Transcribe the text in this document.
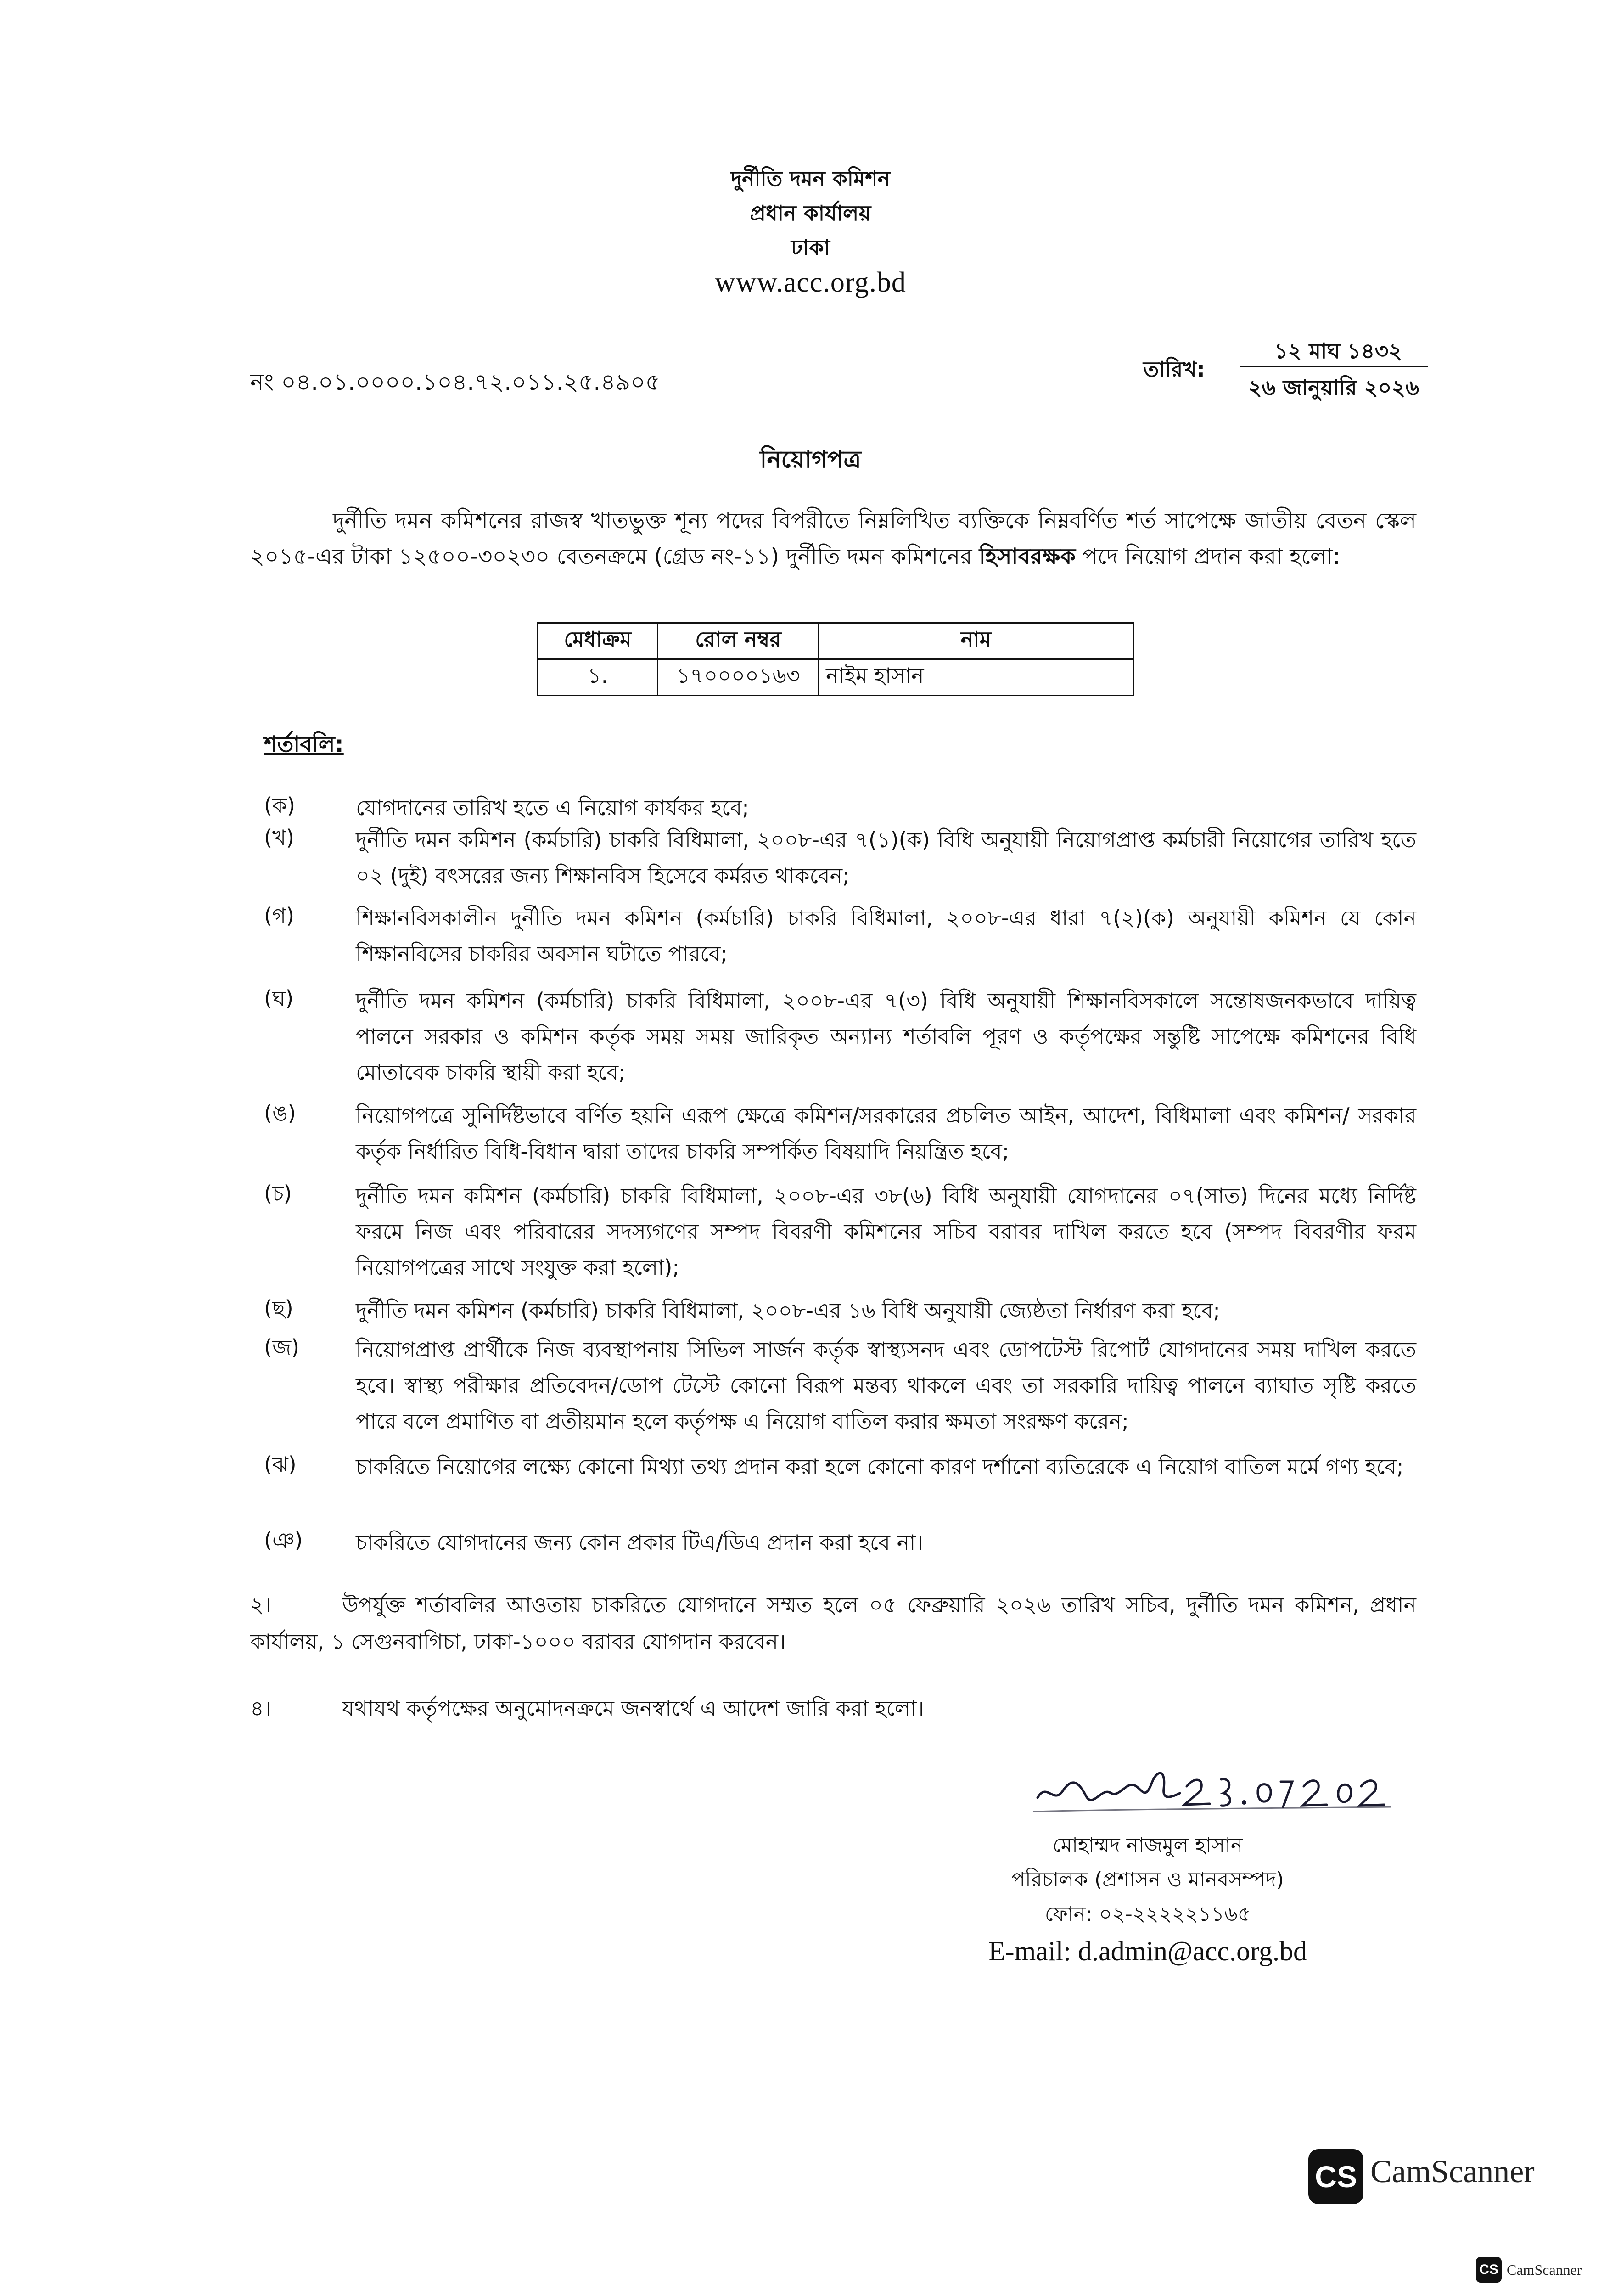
দুর্নীতি দমন কমিশন
প্রধান কার্যালয়
ঢাকা
www.acc.org.bd
নং ০৪.০১.০০০০.১০৪.৭২.০১১.২৫.৪৯০৫	তারিখ:
১২ মাঘ ১৪৩২
২৬ জানুয়ারি ২০২৬
নিয়োগপত্র
দুর্নীতি দমন কমিশনের রাজস্ব খাতভুক্ত শূন্য পদের বিপরীতে নিম্নলিখিত ব্যক্তিকে নিম্নবর্ণিত শর্ত সাপেক্ষে জাতীয় বেতন স্কেল ২০১৫-এর টাকা ১২৫০০-৩০২৩০ বেতনক্রমে (গ্রেড নং-১১) দুর্নীতি দমন কমিশনের হিসাবরক্ষক পদে নিয়োগ প্রদান করা হলো:
মেধাক্রম	রোল নম্বর	নাম
১.	১৭০০০০১৬৩	নাইম হাসান
শর্তাবলি:
(ক)	যোগদানের তারিখ হতে এ নিয়োগ কার্যকর হবে;
(খ)	দুর্নীতি দমন কমিশন (কর্মচারি) চাকরি বিধিমালা, ২০০৮-এর ৭(১)(ক) বিধি অনুযায়ী নিয়োগপ্রাপ্ত কর্মচারী নিয়োগের তারিখ হতে ০২ (দুই) বৎসরের জন্য শিক্ষানবিস হিসেবে কর্মরত থাকবেন;
(গ)	শিক্ষানবিসকালীন দুর্নীতি দমন কমিশন (কর্মচারি) চাকরি বিধিমালা, ২০০৮-এর ধারা ৭(২)(ক) অনুযায়ী কমিশন যে কোন শিক্ষানবিসের চাকরির অবসান ঘটাতে পারবে;
(ঘ)	দুর্নীতি দমন কমিশন (কর্মচারি) চাকরি বিধিমালা, ২০০৮-এর ৭(৩) বিধি অনুযায়ী শিক্ষানবিসকালে সন্তোষজনকভাবে দায়িত্ব পালনে সরকার ও কমিশন কর্তৃক সময় সময় জারিকৃত অন্যান্য শর্তাবলি পূরণ ও কর্তৃপক্ষের সন্তুষ্টি সাপেক্ষে কমিশনের বিধি মোতাবেক চাকরি স্থায়ী করা হবে;
(ঙ)	নিয়োগপত্রে সুনির্দিষ্টভাবে বর্ণিত হয়নি এরূপ ক্ষেত্রে কমিশন/সরকারের প্রচলিত আইন, আদেশ, বিধিমালা এবং কমিশন/ সরকার কর্তৃক নির্ধারিত বিধি-বিধান দ্বারা তাদের চাকরি সম্পর্কিত বিষয়াদি নিয়ন্ত্রিত হবে;
(চ)	দুর্নীতি দমন কমিশন (কর্মচারি) চাকরি বিধিমালা, ২০০৮-এর ৩৮(৬) বিধি অনুযায়ী যোগদানের ০৭(সাত) দিনের মধ্যে নির্দিষ্ট ফরমে নিজ এবং পরিবারের সদস্যগণের সম্পদ বিবরণী কমিশনের সচিব বরাবর দাখিল করতে হবে (সম্পদ বিবরণীর ফরম নিয়োগপত্রের সাথে সংযুক্ত করা হলো);
(ছ)	দুর্নীতি দমন কমিশন (কর্মচারি) চাকরি বিধিমালা, ২০০৮-এর ১৬ বিধি অনুযায়ী জ্যেষ্ঠতা নির্ধারণ করা হবে;
(জ)	নিয়োগপ্রাপ্ত প্রার্থীকে নিজ ব্যবস্থাপনায় সিভিল সার্জন কর্তৃক স্বাস্থ্যসনদ এবং ডোপটেস্ট রিপোর্ট যোগদানের সময় দাখিল করতে হবে। স্বাস্থ্য পরীক্ষার প্রতিবেদন/ডোপ টেস্টে কোনো বিরূপ মন্তব্য থাকলে এবং তা সরকারি দায়িত্ব পালনে ব্যাঘাত সৃষ্টি করতে পারে বলে প্রমাণিত বা প্রতীয়মান হলে কর্তৃপক্ষ এ নিয়োগ বাতিল করার ক্ষমতা সংরক্ষণ করেন;
(ঝ)	চাকরিতে নিয়োগের লক্ষ্যে কোনো মিথ্যা তথ্য প্রদান করা হলে কোনো কারণ দর্শানো ব্যতিরেকে এ নিয়োগ বাতিল মর্মে গণ্য হবে;
(ঞ)	চাকরিতে যোগদানের জন্য কোন প্রকার টিএ/ডিএ প্রদান করা হবে না।
২।	উপর্যুক্ত শর্তাবলির আওতায় চাকরিতে যোগদানে সম্মত হলে ০৫ ফেব্রুয়ারি ২০২৬ তারিখ সচিব, দুর্নীতি দমন কমিশন, প্রধান কার্যালয়, ১ সেগুনবাগিচা, ঢাকা-১০০০ বরাবর যোগদান করবেন।
৪।	যথাযথ কর্তৃপক্ষের অনুমোদনক্রমে জনস্বার্থে এ আদেশ জারি করা হলো।
মোহাম্মদ নাজমুল হাসান
পরিচালক (প্রশাসন ও মানবসম্পদ)
ফোন: ০২-২২২২২১১৬৫
E-mail: d.admin@acc.org.bd
CS CamScanner
CS CamScanner
